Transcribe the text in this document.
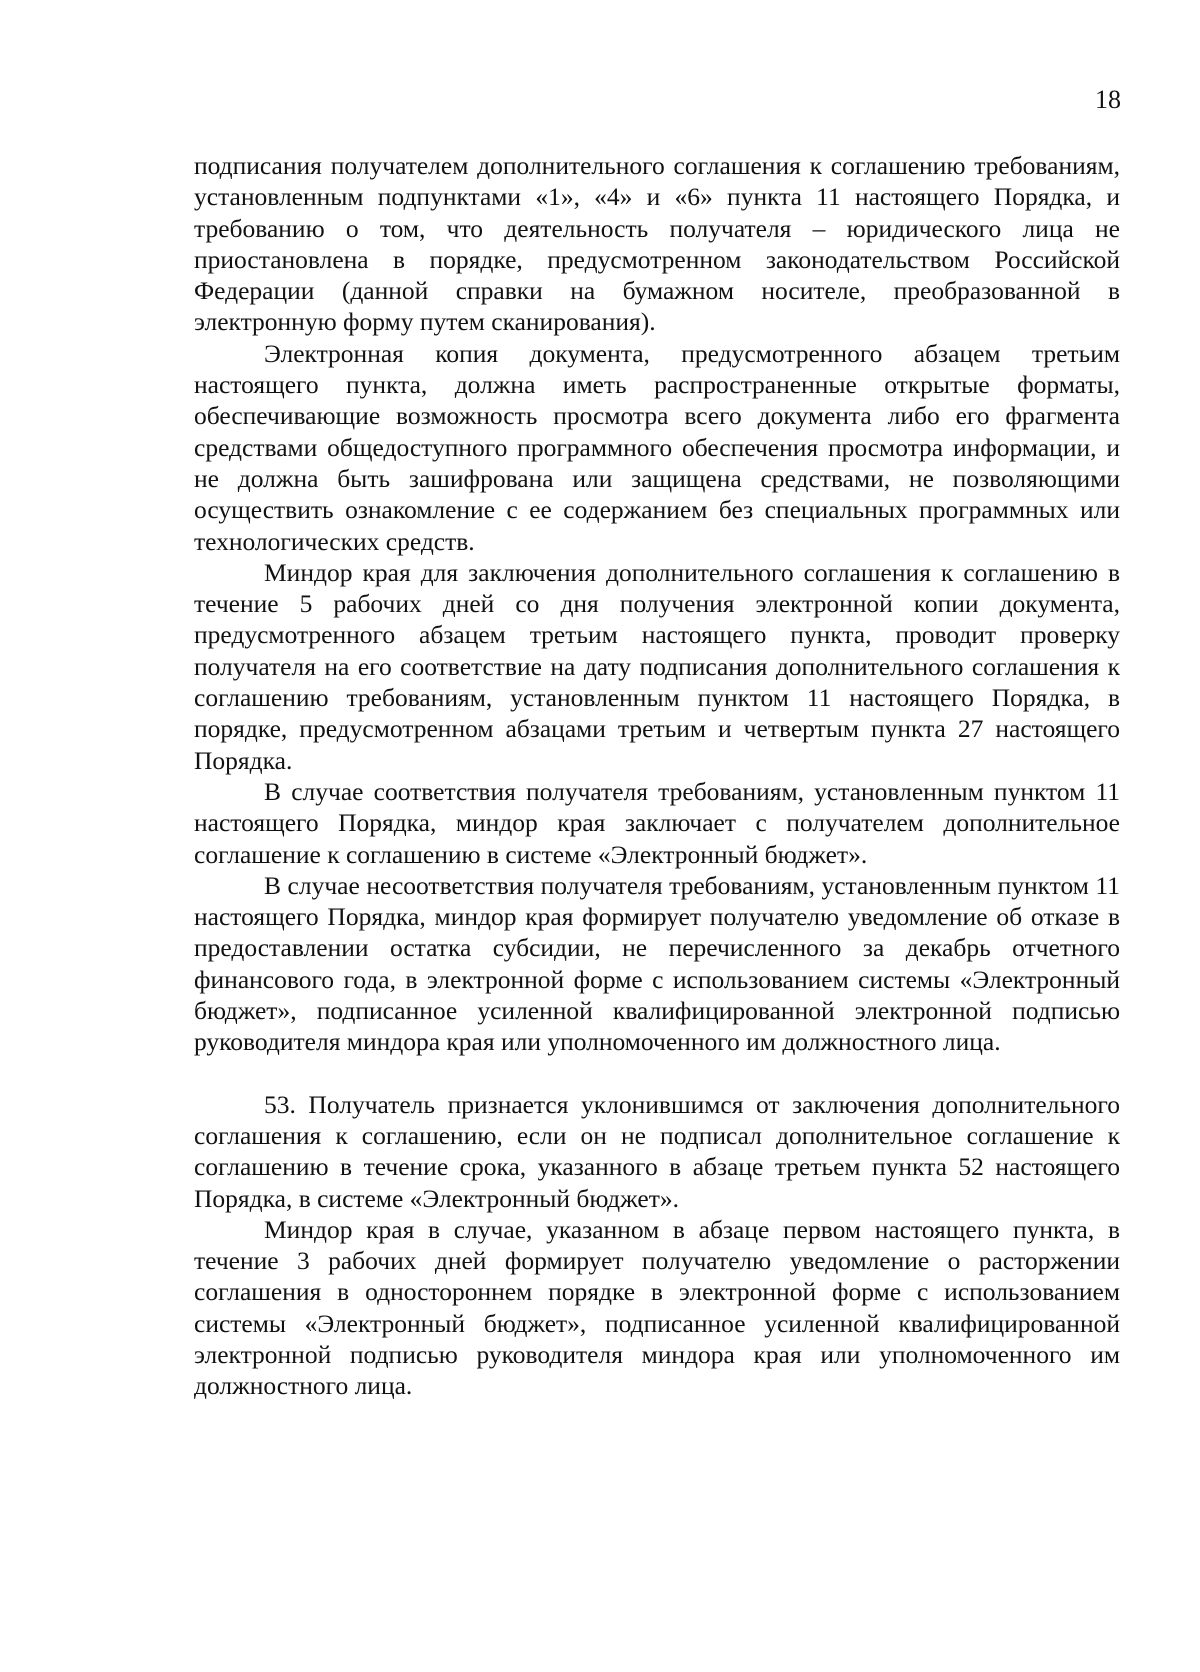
18

подписания получателем дополнительного соглашения к соглашению требованиям, установленным подпунктами «1», «4» и «6» пункта 11 настоящего Порядка, и требованию о том, что деятельность получателя – юридического лица не приостановлена в порядке, предусмотренном законодательством Российской Федерации (данной справки на бумажном носителе, преобразованной в электронную форму путем сканирования).

Электронная копия документа, предусмотренного абзацем третьим настоящего пункта, должна иметь распространенные открытые форматы, обеспечивающие возможность просмотра всего документа либо его фрагмента средствами общедоступного программного обеспечения просмотра информации, и не должна быть зашифрована или защищена средствами, не позволяющими осуществить ознакомление с ее содержанием без специальных программных или технологических средств.

Миндор края для заключения дополнительного соглашения к соглашению в течение 5 рабочих дней со дня получения электронной копии документа, предусмотренного абзацем третьим настоящего пункта, проводит проверку получателя на его соответствие на дату подписания дополнительного соглашения к соглашению требованиям, установленным пунктом 11 настоящего Порядка, в порядке, предусмотренном абзацами третьим и четвертым пункта 27 настоящего Порядка.

В случае соответствия получателя требованиям, установленным пунктом 11 настоящего Порядка, миндор края заключает с получателем дополнительное соглашение к соглашению в системе «Электронный бюджет».

В случае несоответствия получателя требованиям, установленным пунктом 11 настоящего Порядка, миндор края формирует получателю уведомление об отказе в предоставлении остатка субсидии, не перечисленного за декабрь отчетного финансового года, в электронной форме с использованием системы «Электронный бюджет», подписанное усиленной квалифицированной электронной подписью руководителя миндора края или уполномоченного им должностного лица.

53. Получатель признается уклонившимся от заключения дополнительного соглашения к соглашению, если он не подписал дополнительное соглашение к соглашению в течение срока, указанного в абзаце третьем пункта 52 настоящего Порядка, в системе «Электронный бюджет».

Миндор края в случае, указанном в абзаце первом настоящего пункта, в течение 3 рабочих дней формирует получателю уведомление о расторжении соглашения в одностороннем порядке в электронной форме с использованием системы «Электронный бюджет», подписанное усиленной квалифицированной электронной подписью руководителя миндора края или уполномоченного им должностного лица.
